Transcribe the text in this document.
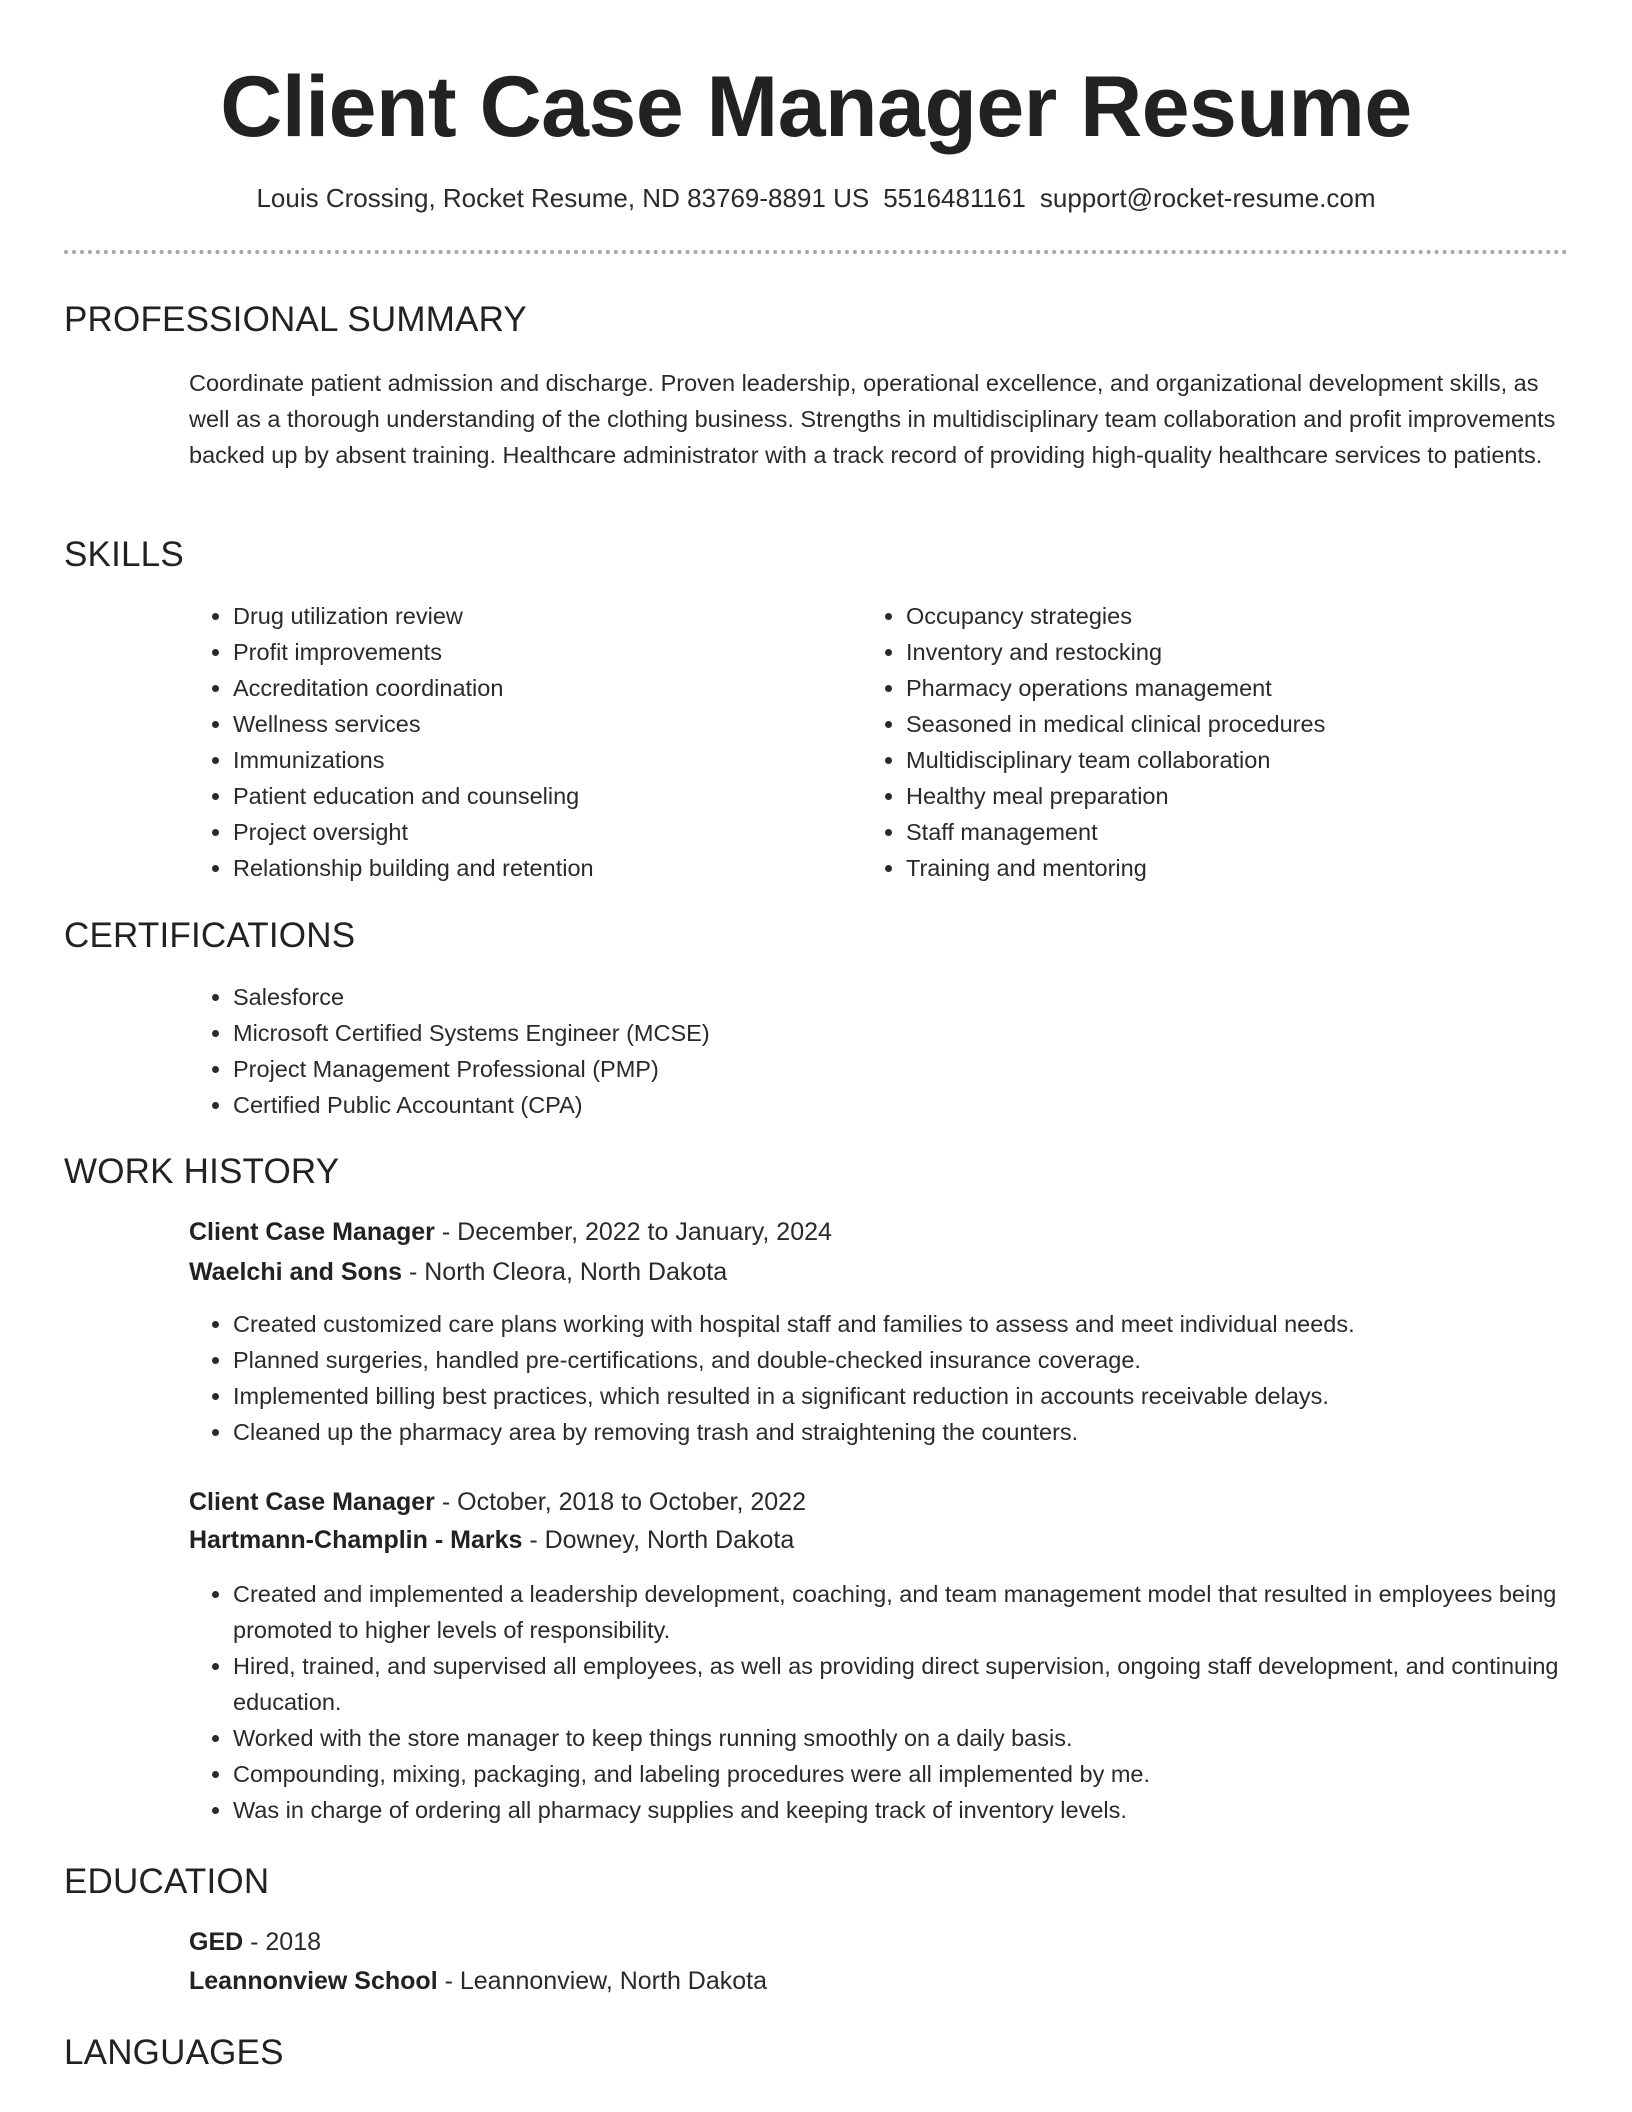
Client Case Manager Resume
Louis Crossing, Rocket Resume, ND 83769-8891 US 5516481161 support@rocket-resume.com
PROFESSIONAL SUMMARY

Coordinate patient admission and discharge. Proven leadership, operational excellence, and organizational development skills, as well as a thorough understanding of the clothing business. Strengths in multidisciplinary team collaboration and profit improvements backed up by absent training. Healthcare administrator with a track record of providing high-quality healthcare services to patients.

SKILLS
• Drug utilization review
• Profit improvements
• Accreditation coordination
• Wellness services
• Immunizations
• Patient education and counseling
• Project oversight
• Relationship building and retention
• Occupancy strategies
• Inventory and restocking
• Pharmacy operations management
• Seasoned in medical clinical procedures
• Multidisciplinary team collaboration
• Healthy meal preparation
• Staff management
• Training and mentoring
CERTIFICATIONS
• Salesforce
• Microsoft Certified Systems Engineer (MCSE)
• Project Management Professional (PMP)
• Certified Public Accountant (CPA)
WORK HISTORY

Client Case Manager - December, 2022 to January, 2024

Waelchi and Sons - North Cleora, North Dakota

• Created customized care plans working with hospital staff and families to assess and meet individual needs.
• Planned surgeries, handled pre-certifications, and double-checked insurance coverage.
• Implemented billing best practices, which resulted in a significant reduction in accounts receivable delays.
• Cleaned up the pharmacy area by removing trash and straightening the counters.

Client Case Manager - October, 2018 to October, 2022

Hartmann-Champlin - Marks - Downey, North Dakota

• Created and implemented a leadership development, coaching, and team management model that resulted in employees being promoted to higher levels of responsibility.
• Hired, trained, and supervised all employees, as well as providing direct supervision, ongoing staff development, and continuing education.
• Worked with the store manager to keep things running smoothly on a daily basis.
• Compounding, mixing, packaging, and labeling procedures were all implemented by me.
• Was in charge of ordering all pharmacy supplies and keeping track of inventory levels.
EDUCATION

GED - 2018

Leannonview School - Leannonview, North Dakota

LANGUAGES
